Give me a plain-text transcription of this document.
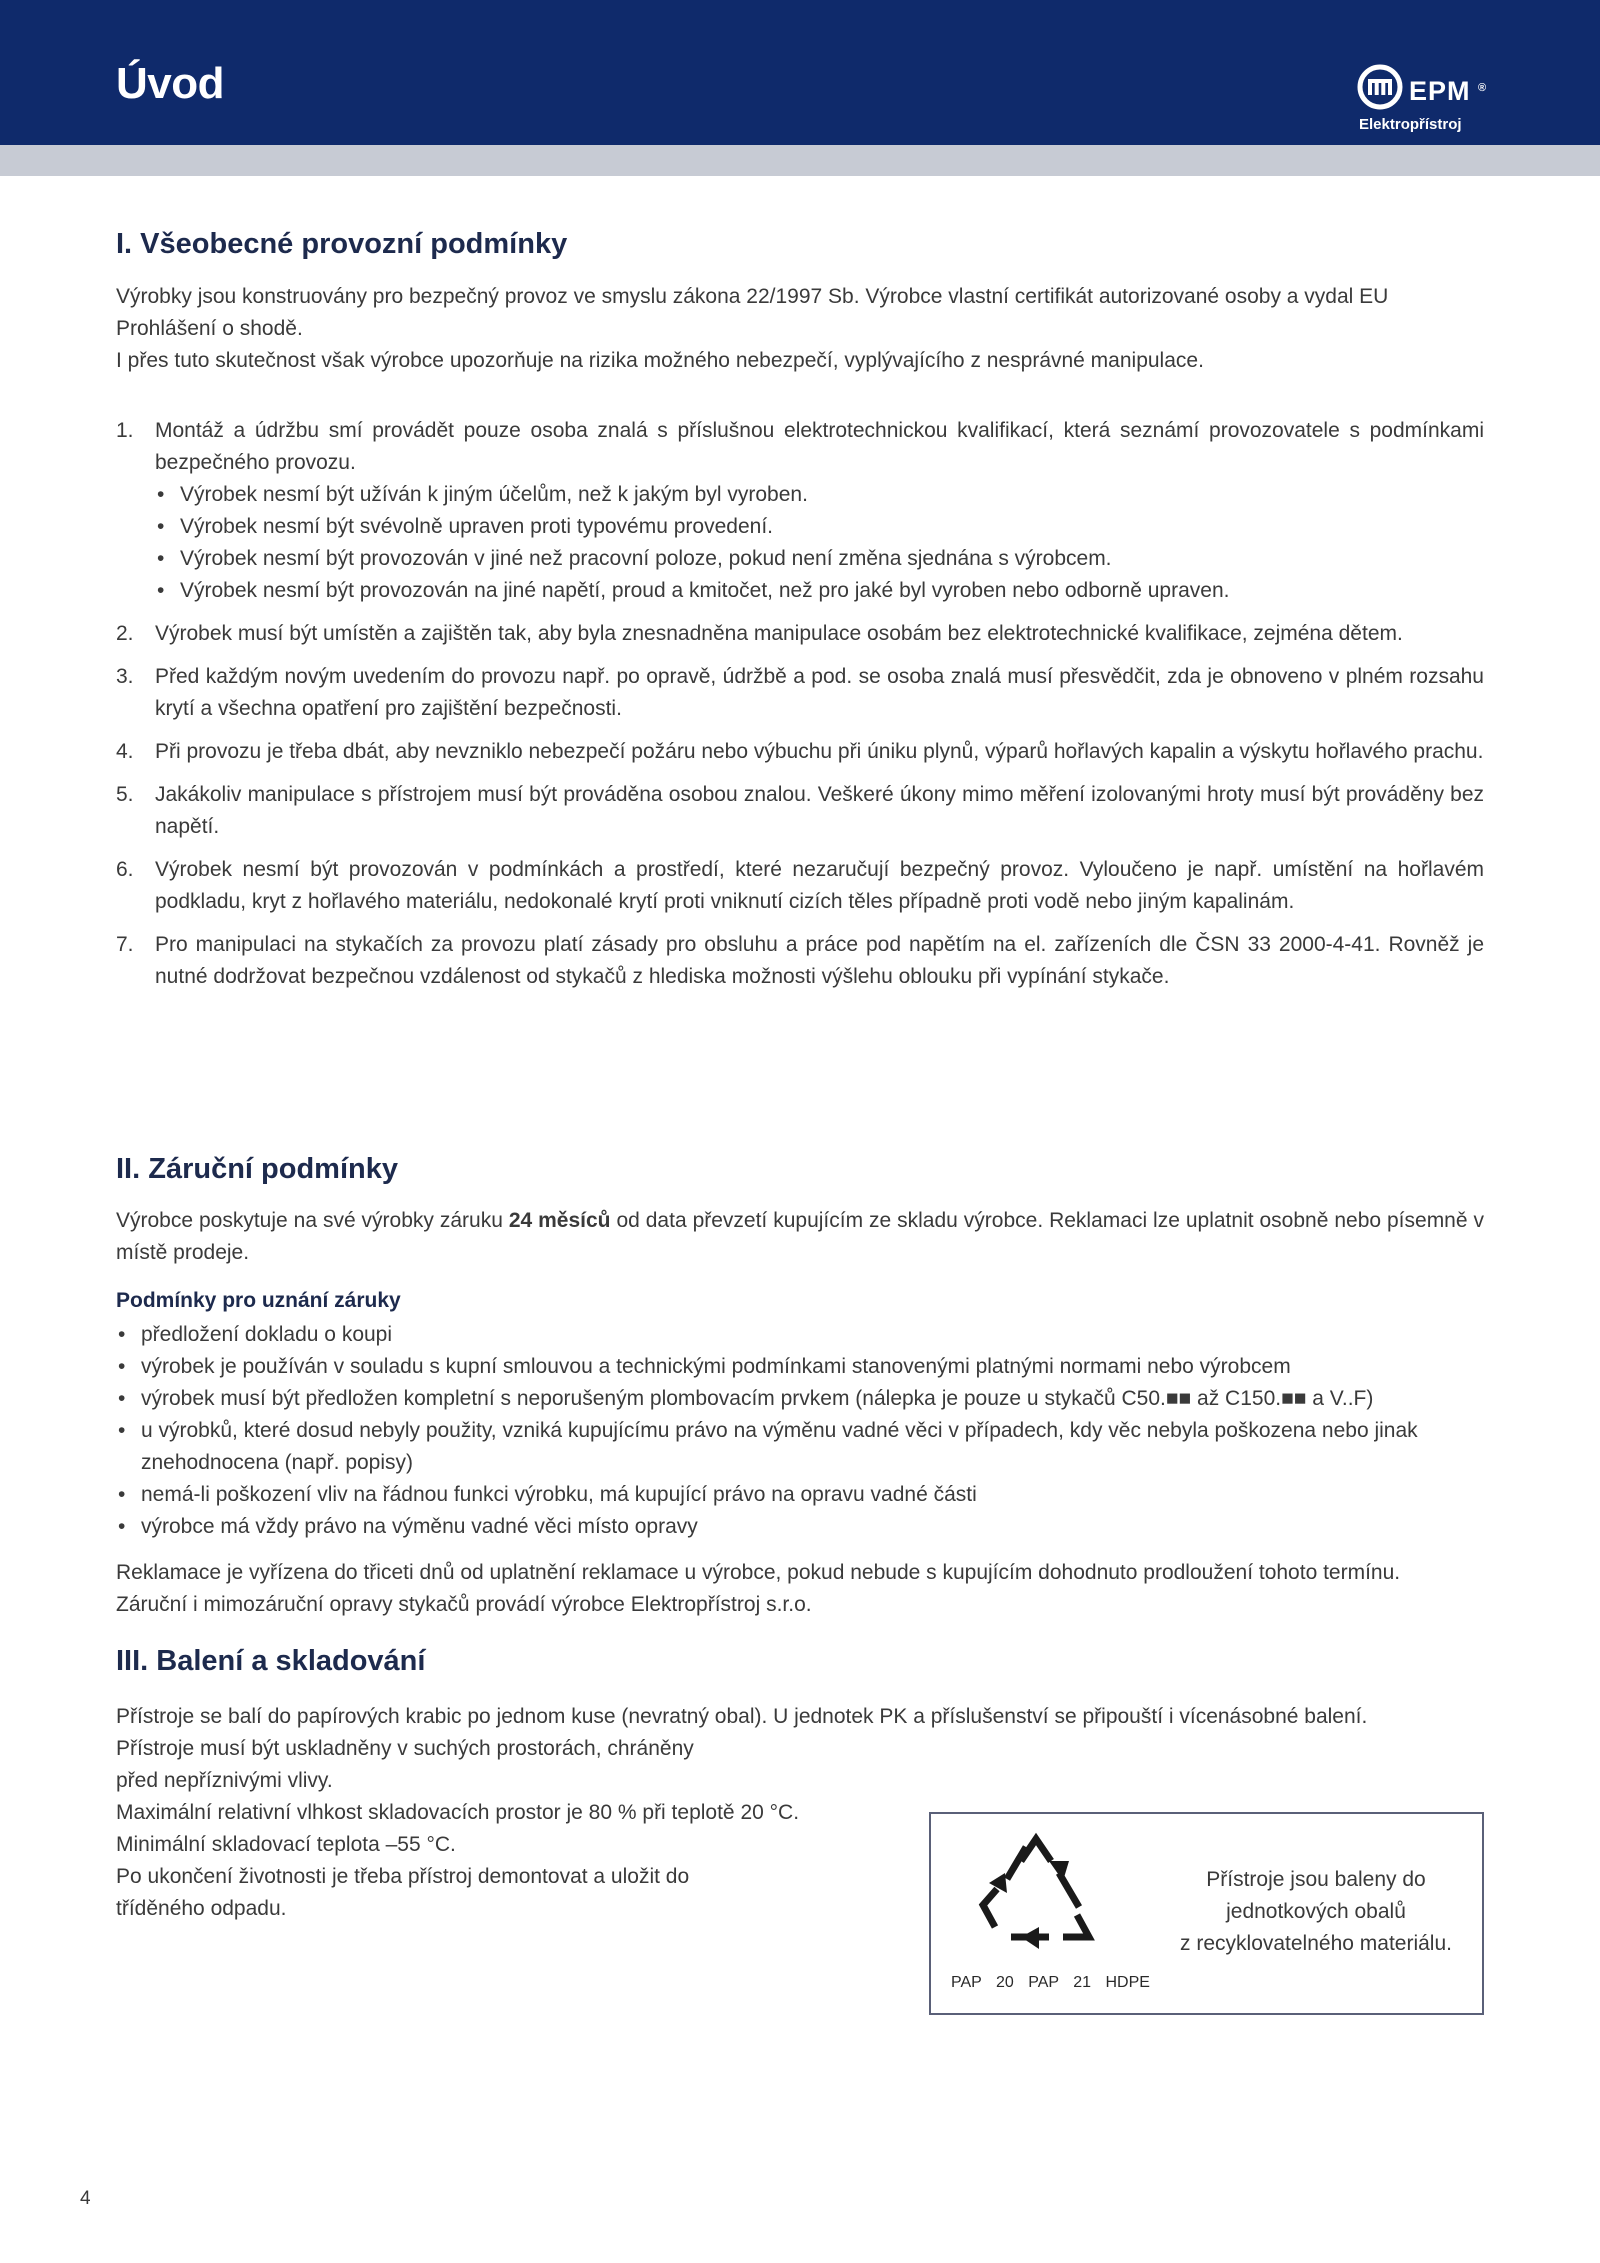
Úvod	EPM ®
Elektropřístroj
I. Všeobecné provozní podmínky

Výrobky jsou konstruovány pro bezpečný provoz ve smyslu zákona 22/1997 Sb. Výrobce vlastní certifikát autorizované osoby a vydal EU Prohlášení o shodě.

I přes tuto skutečnost však výrobce upozorňuje na rizika možného nebezpečí, vyplývajícího z nesprávné manipulace.

1. Montáž a údržbu smí provádět pouze osoba znalá s příslušnou elektrotechnickou kvalifikací, která seznámí provozovatele s podmínkami bezpečného provozu.
• Výrobek nesmí být užíván k jiným účelům, než k jakým byl vyroben.
• Výrobek nesmí být svévolně upraven proti typovému provedení.
• Výrobek nesmí být provozován v jiné než pracovní poloze, pokud není změna sjednána s výrobcem.
• Výrobek nesmí být provozován na jiné napětí, proud a kmitočet, než pro jaké byl vyroben nebo odborně upraven.
2. Výrobek musí být umístěn a zajištěn tak, aby byla znesnadněna manipulace osobám bez elektrotechnické kvalifikace, zejména dětem.
3. Před každým novým uvedením do provozu např. po opravě, údržbě a pod. se osoba znalá musí přesvědčit, zda je obnoveno v plném rozsahu krytí a všechna opatření pro zajištění bezpečnosti.
4. Při provozu je třeba dbát, aby nevzniklo nebezpečí požáru nebo výbuchu při úniku plynů, výparů hořlavých kapalin a výskytu hořlavého prachu.
5. Jakákoliv manipulace s přístrojem musí být prováděna osobou znalou. Veškeré úkony mimo měření izolovanými hroty musí být prováděny bez napětí.
6. Výrobek nesmí být provozován v podmínkách a prostředí, které nezaručují bezpečný provoz. Vyloučeno je např. umístění na hořlavém podkladu, kryt z hořlavého materiálu, nedokonalé krytí proti vniknutí cizích těles případně proti vodě nebo jiným kapalinám.
7. Pro manipulaci na stykačích za provozu platí zásady pro obsluhu a práce pod napětím na el. zařízeních dle ČSN 33 2000-4-41. Rovněž je nutné dodržovat bezpečnou vzdálenost od stykačů z hlediska možnosti výšlehu oblouku při vypínání stykače.
II. Záruční podmínky

Výrobce poskytuje na své výrobky záruku 24 měsíců od data převzetí kupujícím ze skladu výrobce. Reklamaci lze uplatnit osobně nebo písemně v místě prodeje.

Podmínky pro uznání záruky
• předložení dokladu o koupi
• výrobek je používán v souladu s kupní smlouvou a technickými podmínkami stanovenými platnými normami nebo výrobcem
• výrobek musí být předložen kompletní s neporušeným plombovacím prvkem (nálepka je pouze u stykačů C50.■■ až C150.■■ a V..F)
• u výrobků, které dosud nebyly použity, vzniká kupujícímu právo na výměnu vadné věci v případech, kdy věc nebyla poškozena nebo jinak znehodnocena (např. popisy)
• nemá-li poškození vliv na řádnou funkci výrobku, má kupující právo na opravu vadné části
• výrobce má vždy právo na výměnu vadné věci místo opravy

Reklamace je vyřízena do třiceti dnů od uplatnění reklamace u výrobce, pokud nebude s kupujícím dohodnuto prodloužení tohoto termínu.

Záruční i mimozáruční opravy stykačů provádí výrobce Elektropřístroj s.r.o.

III. Balení a skladování

Přístroje se balí do papírových krabic po jednom kuse (nevratný obal). U jednotek PK a příslušenství se připouští i vícenásobné balení.

Přístroje musí být uskladněny v suchých prostorách, chráněny

před nepříznivými vlivy.

Maximální relativní vlhkost skladovacích prostor je 80 % při teplotě 20 °C.

Minimální skladovací teplota –55 °C.

Po ukončení životnosti je třeba přístroj demontovat a uložit do

tříděného odpadu.

PAP 20 PAP 21 HDPE
Přístroje jsou baleny do
jednotkových obalů
z recyklovatelného materiálu.
4
